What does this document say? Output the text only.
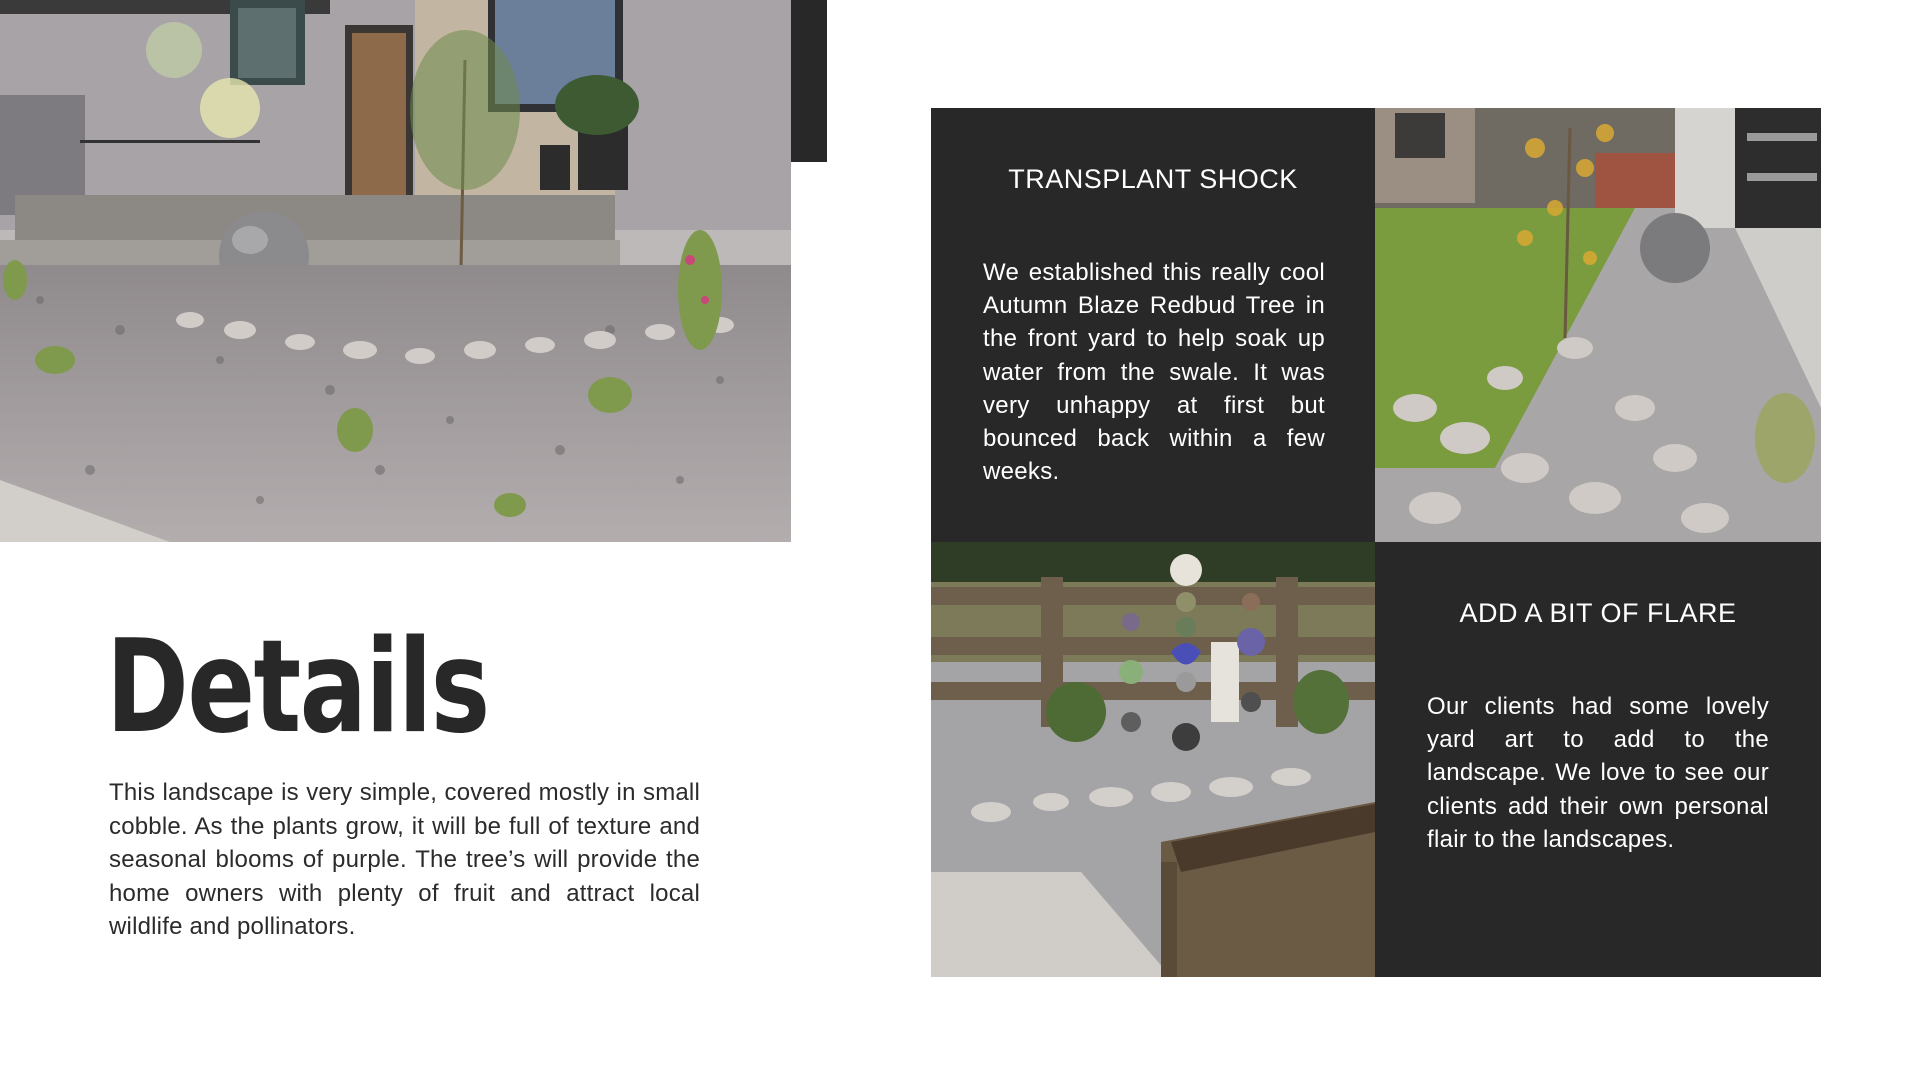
Details
This landscape is very simple, covered mostly in small cobble. As the plants grow, it will be full of texture and seasonal blooms of purple. The tree’s will provide the home owners with plenty of fruit and attract local wildlife and pollinators.
TRANSPLANT SHOCK

We established this really cool Autumn Blaze Redbud Tree in the front yard to help soak up water from the swale. It was very unhappy at first but bounced back within a few weeks.

ADD A BIT OF FLARE

Our clients had some lovely yard art to add to the landscape. We love to see our clients add their own personal flair to the landscapes.
